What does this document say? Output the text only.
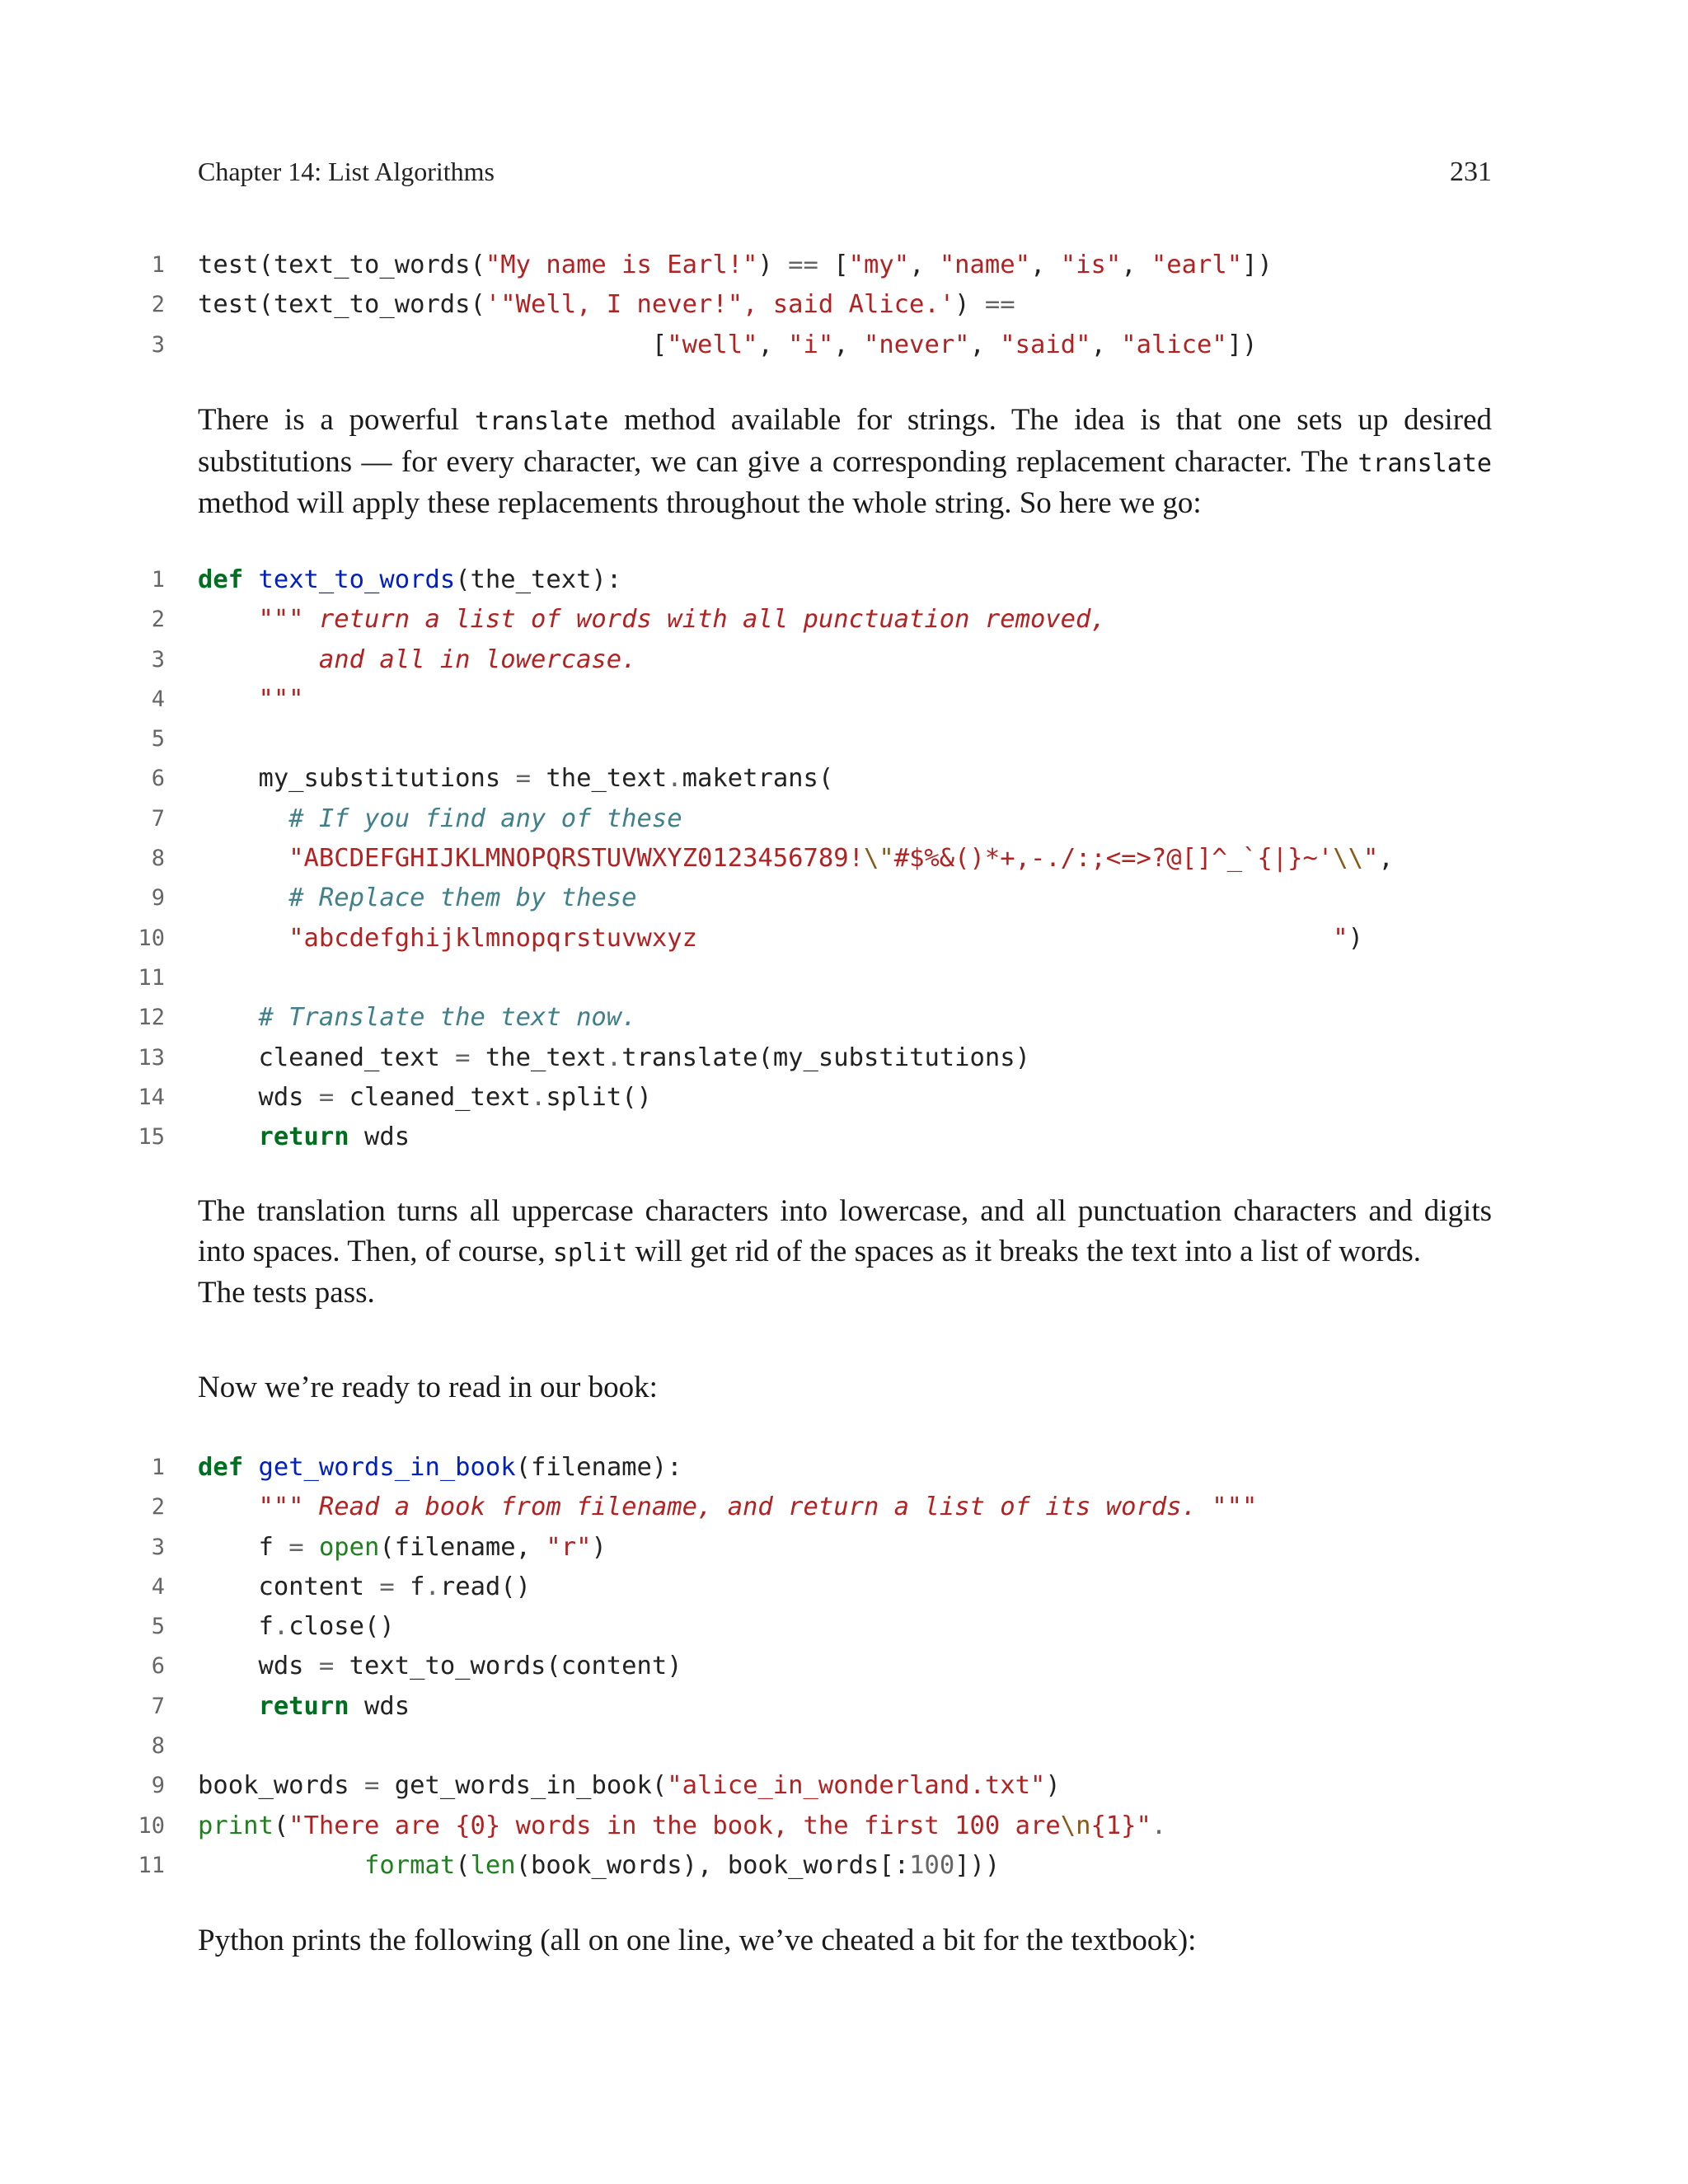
Chapter 14: List Algorithms	231
1 test(text_to_words("My name is Earl!") == ["my", "name", "is", "earl"])
2 test(text_to_words('"Well, I never!", said Alice.') ==
3 ["well", "i", "never", "said", "alice"])

There is a powerful translate method available for strings. The idea is that one sets up desired substitutions — for every character, we can give a corresponding replacement character. The translate method will apply these replacements throughout the whole string. So here we go:

1 def text_to_words(the_text):
2	""" return a list of words with all punctuation removed,
3 and all in lowercase.
4	"""
5
6 my_substitutions = the_text.maketrans(
7	# If you find any of these
8	"ABCDEFGHIJKLMNOPQRSTUVWXYZ0123456789!\"#$%&()*+,-./:;<=>?@[]^_`{|}~'\\",
9	# Replace them by these
10	"abcdefghijklmnopqrstuvwxyz                                          ")
11
12	# Translate the text now.
13 cleaned_text = the_text.translate(my_substitutions)
14 wds = cleaned_text.split()
15	return wds

The translation turns all uppercase characters into lowercase, and all punctuation characters and digits into spaces. Then, of course, split will get rid of the spaces as it breaks the text into a list of words.

The tests pass.

Now we’re ready to read in our book:
1 def get_words_in_book(filename):
2	""" Read a book from filename, and return a list of its words. """
3 f = open(filename, "r")
4 content = f.read()
5 f.close()
6 wds = text_to_words(content)
7	return wds
8
9 book_words = get_words_in_book("alice_in_wonderland.txt")
10 print("There are {0} words in the book, the first 100 are\n{1}".
11	format(len(book_words), book_words[:100]))
Python prints the following (all on one line, we’ve cheated a bit for the textbook):
